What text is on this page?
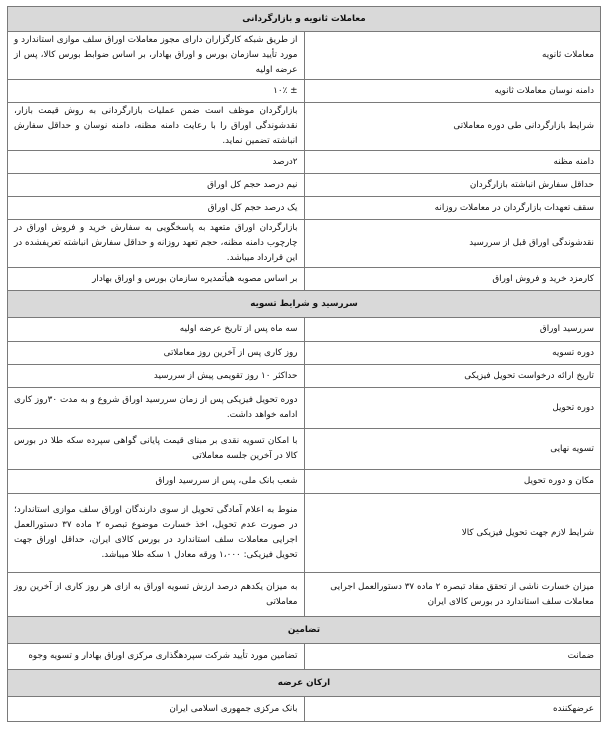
معاملات ثانویه و بازارگردانی	
معاملات ثانویه	از طریق شبکه کارگزاران دارای مجوز معاملات اوراق سلف موازی استاندارد و مورد تأیید سازمان بورس و اوراق بهادار، بر اساس ضوابط بورس کالا، پس از عرضه اولیه
دامنه نوسان معاملات ثانویه	± ۱۰٪
شرایط بازارگردانی طی دوره معاملاتی	بازارگردان موظف است ضمن عملیات بازارگردانی به روش قیمت بازار، نقدشوندگی اوراق را با رعایت دامنه مظنه، دامنه نوسان و حداقل سفارش انباشته تضمین نماید.
دامنه مظنه	۲درصد
حداقل سفارش انباشته بازارگردان	نیم درصد حجم کل اوراق
سقف تعهدات بازارگردان در معاملات روزانه	یک درصد حجم کل اوراق
نقدشوندگی اوراق قبل از سررسید	بازارگردان اوراق متعهد به پاسخگویی به سفارش خرید و فروش اوراق در چارچوب دامنه مظنه، حجم تعهد روزانه و حداقل سفارش انباشته تعریفشده در این قرارداد میباشد.
کارمزد خرید و فروش اوراق	بر اساس مصوبه هیأتمدیره سازمان بورس و اوراق بهادار
سررسید و شرایط تسویه	
سررسید اوراق	سه ماه پس از تاریخ عرضه اولیه
دوره تسویه	روز کاری پس از آخرین روز معاملاتی
تاریخ ارائه درخواست تحویل فیزیکی	حداکثر ۱۰ روز تقویمی پیش از سررسید
دوره تحویل	دوره تحویل فیزیکی پس از زمان سررسید اوراق شروع و به مدت ۳۰روز کاری ادامه خواهد داشت.
تسویه نهایی	با امکان تسویه نقدی بر مبنای قیمت پایانی گواهی سپرده سکه طلا در بورس کالا در آخرین جلسه معاملاتی
مکان و دوره تحویل	شعب بانک ملی، پس از سررسید اوراق
شرایط لازم جهت تحویل فیزیکی کالا	منوط به اعلام آمادگی تحویل از سوی دارندگان اوراق سلف موازی استاندارد؛ در صورت عدم تحویل، اخذ خسارت موضوع تبصره ۲ ماده ۳۷ دستورالعمل اجرایی معاملات سلف استاندارد در بورس کالای ایران، حداقل اوراق جهت تحویل فیزیکی: ۱،۰۰۰ ورقه معادل ۱ سکه طلا میباشد.
میزان خسارت ناشی از تحقق مفاد تبصره ۲ ماده ۳۷ دستورالعمل اجرایی معاملات سلف استاندارد در بورس کالای ایران	به میزان یکدهم درصد ارزش تسویه اوراق به ازای هر روز کاری از آخرین روز معاملاتی
تضامین	
ضمانت	تضامین مورد تأیید شرکت سپردهگذاری مرکزی اوراق بهادار و تسویه وجوه
ارکان عرضه	
عرضهکننده	بانک مرکزی جمهوری اسلامی ایران
